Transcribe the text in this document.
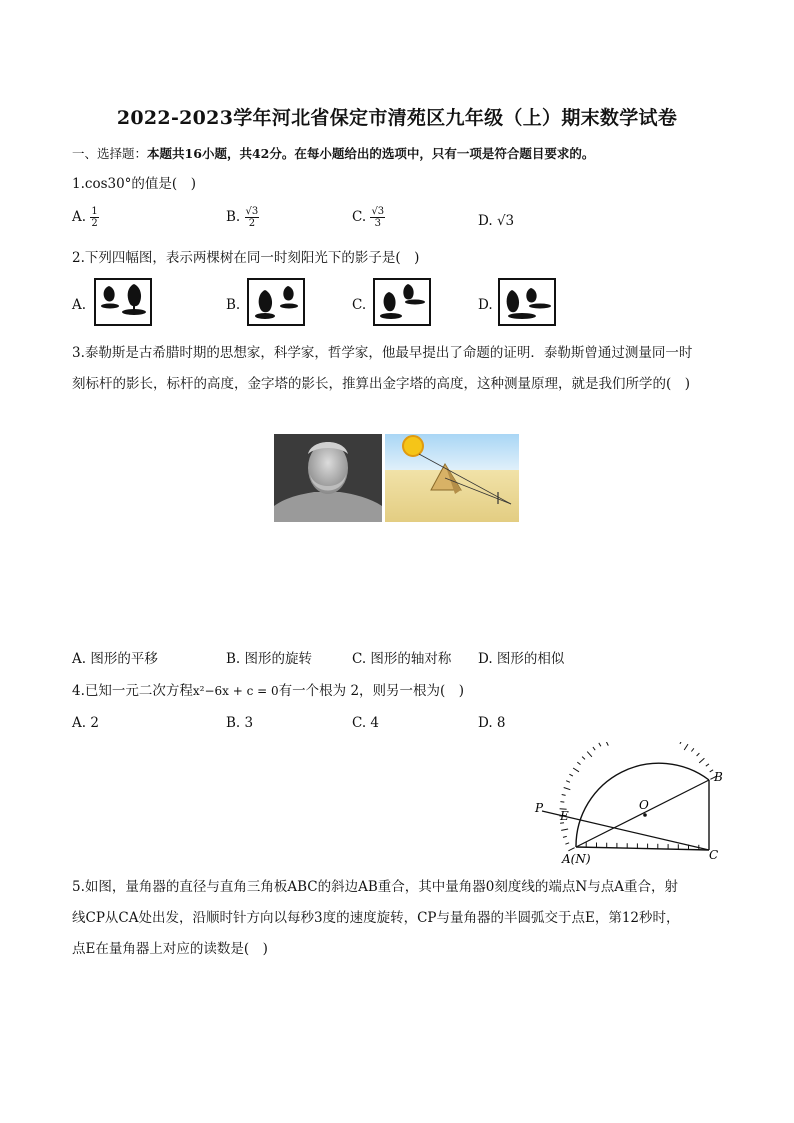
2022-2023学年河北省保定市清苑区九年级（上）期末数学试卷
一、选择题：本题共16小题，共42分。在每小题给出的选项中，只有一项是符合题目要求的。
1.cos30°的值是(　)
A. $\frac{1}{2}$	B. $\frac{√3}{2}$	C. $\frac{√3}{3}$	D. √3
2.下列四幅图，表示两棵树在同一时刻阳光下的影子是(　)
A.	B.	C.	D.
3.泰勒斯是古希腊时期的思想家，科学家，哲学家，他最早提出了命题的证明．泰勒斯曾通过测量同一时
刻标杆的影长，标杆的高度，金字塔的影长，推算出金字塔的高度，这种测量原理，就是我们所学的(　)
A. 图形的平移	B. 图形的旋转	C. 图形的轴对称 D. 图形的相似
4.已知一元二次方程x²−6x + c = 0有一个根为 2，则另一根为(　)
A. 2	B. 3	C. 4	D. 8
B
O
P
E
A(N)	C
5.如图，量角器的直径与直角三角板ABC的斜边AB重合，其中量角器0刻度线的端点N与点A重合，射
线CP从CA处出发，沿顺时针方向以每秒3度的速度旋转，CP与量角器的半圆弧交于点E，第12秒时，
点E在量角器上对应的读数是(　)
